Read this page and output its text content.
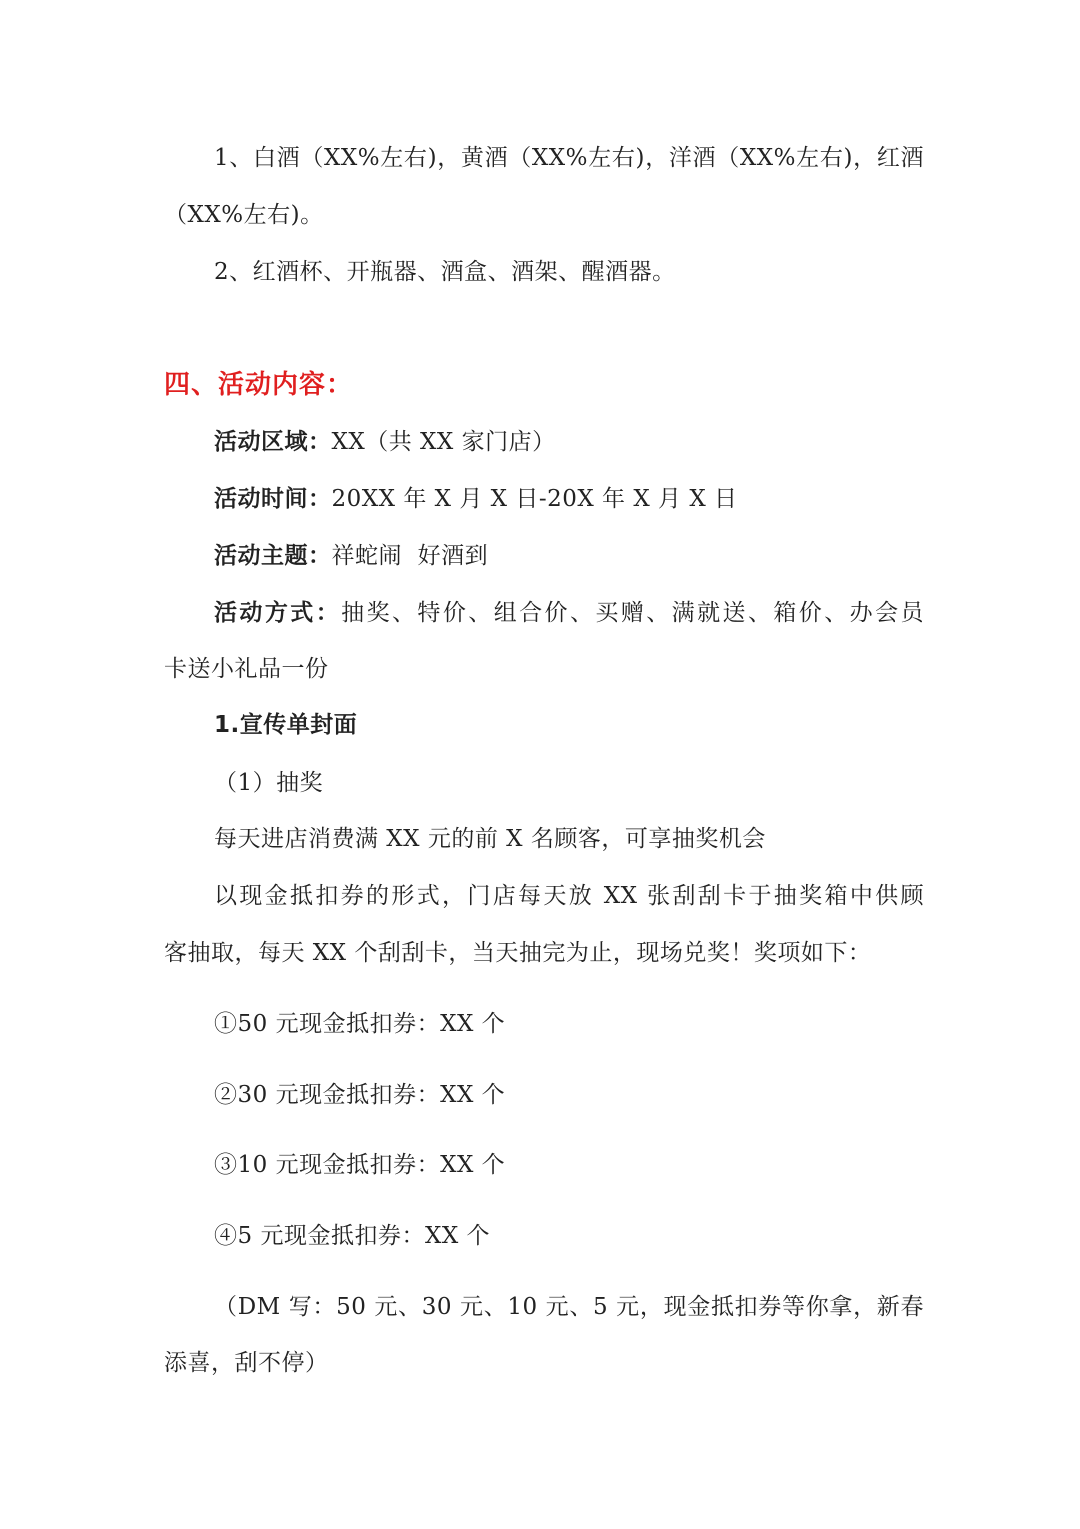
1、白酒（XX%左右)，黄酒（XX%左右)，洋酒（XX%左右)，红酒
（XX%左右)。
2、红酒杯、开瓶器、酒盒、酒架、醒酒器。
四、活动内容：
活动区域：XX（共 XX 家门店）
活动时间：20XX 年 X 月 X 日-20X 年 X 月 X 日
活动主题：祥蛇闹  好酒到
活动方式：抽奖、特价、组合价、买赠、满就送、箱价、办会员
卡送小礼品一份
1.宣传单封面
（1）抽奖
每天进店消费满 XX 元的前 X 名顾客，可享抽奖机会
以现金抵扣券的形式，门店每天放 XX 张刮刮卡于抽奖箱中供顾
客抽取，每天 XX 个刮刮卡，当天抽完为止，现场兑奖！奖项如下：
①50 元现金抵扣券：XX 个
②30 元现金抵扣券：XX 个
③10 元现金抵扣券：XX 个
④5 元现金抵扣券：XX 个
（DM 写：50 元、30 元、10 元、5 元，现金抵扣券等你拿，新春
添喜，刮不停）
